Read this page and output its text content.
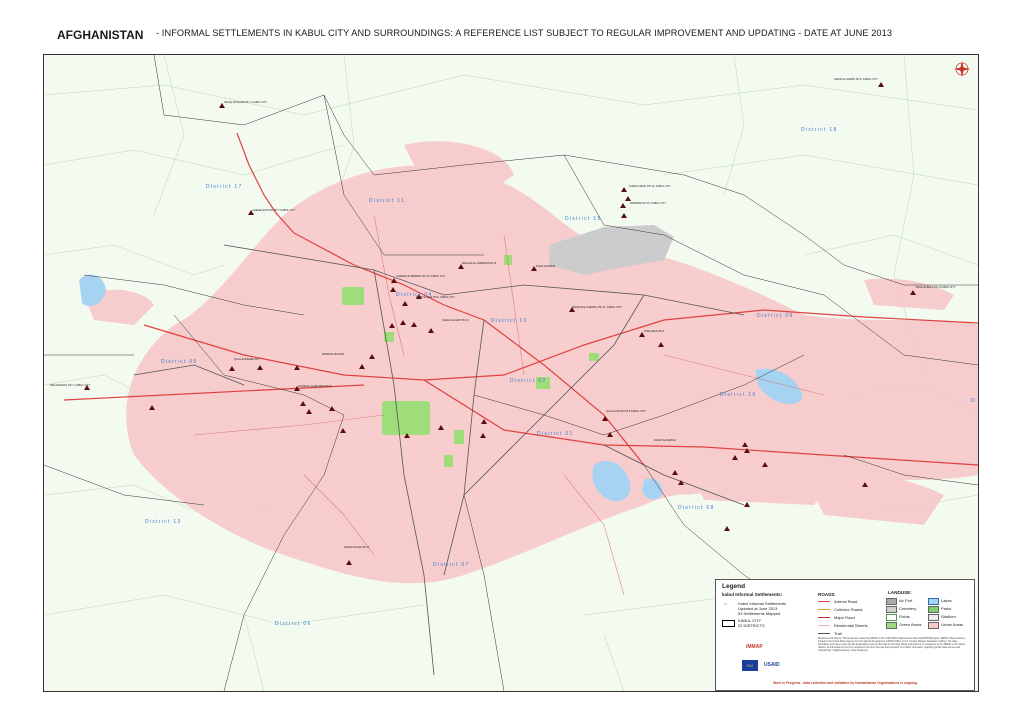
AFGHANISTAN - INFORMAL SETTLEMENTS IN KABUL CITY AND SURROUNDINGS: A REFERENCE LIST SUBJECT TO REGULAR IMPROVEMENT AND UPDATING - DATE AT JUNE 2013
District 18
District 17
District 11
District 15
District 04
District 10
District 09
District 05
District 02
District 16
District 01
District 08
District 13
District 07
District 06
D
SARAK-E-SHIRIN PD 8, KABUL CITY
ISHAQ MOSQUE PD 7, KABUL CITY
SURKH ABAD, PD 10, KABUL CITY
PARWANI PD 15, KABUL CITY
CHEHELSATOON PD 7 KABUL CITY
PULE CHARKHI
BAGH-E-ALI MARDAN PD 11
CHAMAN-E-BABRAK PD 13, KABUL CITY
BAGH-E-BALA PD 3 KABUL CITY
KART-E-NAW PD 6, KABUL CITY
BANDAR-E-SHEMALI PD 11, KABUL CITY
NAW ABAD PD 8
QALA-E-WAHED PD 7
MIRWAIS MAIDAN
SHAHR-E-NAW PD 10
DEH MAZANG PD 3, KABUL CITY	KHUSHAL KHAN MINA PD 5
QALA-E-MUSA PD 8 KABUL CITY
DASHT-E-BARCHI
KHAIR KHANA PD 11
Legend
kabul Informal Settlements:
⌂	Kabul Informal Settlements
Updated at June 2013
53 Settlements Mapped
KABUL CITY
22 DISTRICTS
ROADS
Arterial Road
Collector Roads
Major Road
Residential Streets
Trail
LANDUSE:
Air Port
Cemetery
Fields
Green Areas
Lakes
Parks
Stadium
Urban Areas
Disclaimer and Source: This is map are created by iMMAP on the UNHCR/KIS Status Report data, WG/UNHCR/project. iMMAP's Map product is funded by the United States Agency for International Development (USAID) Office of U.S. Foreign Disaster Assistance (OFDA). The data, boundaries and names used and the designations used on this map do not imply official endorsement or acceptance by the iMMAP or the United Nations. All information in the form contained in the time this map was produced. For further information regarding specific data sources and methodology: info@immap.org / www.immap.org
EU	USAID
iMMAP
Work in Progress - data collection and validation by Humanitarian Organisations is ongoing
